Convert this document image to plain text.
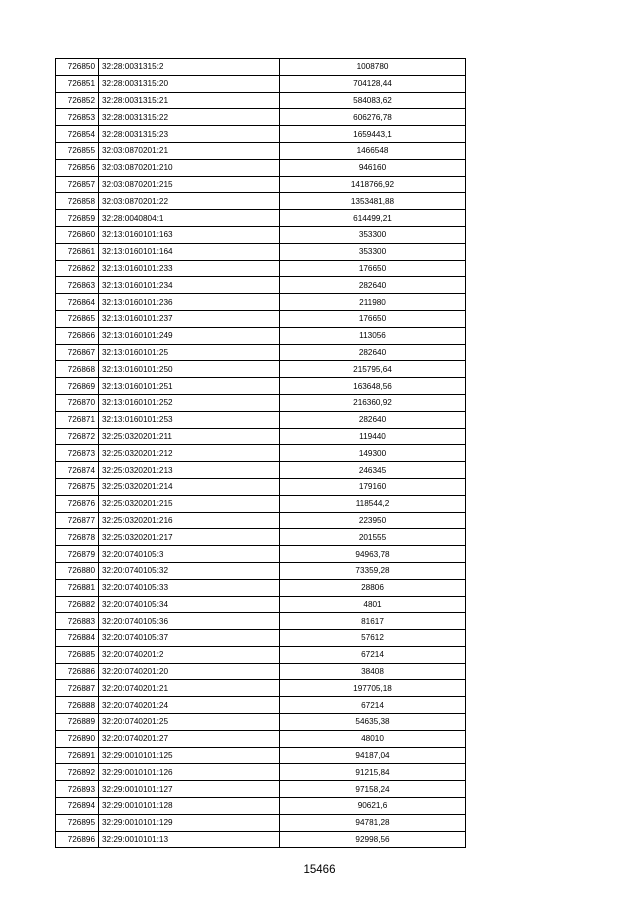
726850	32:28:0031315:2	1008780
726851	32:28:0031315:20	704128,44
726852	32:28:0031315:21	584083,62
726853	32:28:0031315:22	606276,78
726854	32:28:0031315:23	1659443,1
726855	32:03:0870201:21	1466548
726856	32:03:0870201:210	946160
726857	32:03:0870201:215	1418766,92
726858	32:03:0870201:22	1353481,88
726859	32:28:0040804:1	614499,21
726860	32:13:0160101:163	353300
726861	32:13:0160101:164	353300
726862	32:13:0160101:233	176650
726863	32:13:0160101:234	282640
726864	32:13:0160101:236	211980
726865	32:13:0160101:237	176650
726866	32:13:0160101:249	113056
726867	32:13:0160101:25	282640
726868	32:13:0160101:250	215795,64
726869	32:13:0160101:251	163648,56
726870	32:13:0160101:252	216360,92
726871	32:13:0160101:253	282640
726872	32:25:0320201:211	119440
726873	32:25:0320201:212	149300
726874	32:25:0320201:213	246345
726875	32:25:0320201:214	179160
726876	32:25:0320201:215	118544,2
726877	32:25:0320201:216	223950
726878	32:25:0320201:217	201555
726879	32:20:0740105:3	94963,78
726880	32:20:0740105:32	73359,28
726881	32:20:0740105:33	28806
726882	32:20:0740105:34	4801
726883	32:20:0740105:36	81617
726884	32:20:0740105:37	57612
726885	32:20:0740201:2	67214
726886	32:20:0740201:20	38408
726887	32:20:0740201:21	197705,18
726888	32:20:0740201:24	67214
726889	32:20:0740201:25	54635,38
726890	32:20:0740201:27	48010
726891	32:29:0010101:125	94187,04
726892	32:29:0010101:126	91215,84
726893	32:29:0010101:127	97158,24
726894	32:29:0010101:128	90621,6
726895	32:29:0010101:129	94781,28
726896	32:29:0010101:13	92998,56
15466
